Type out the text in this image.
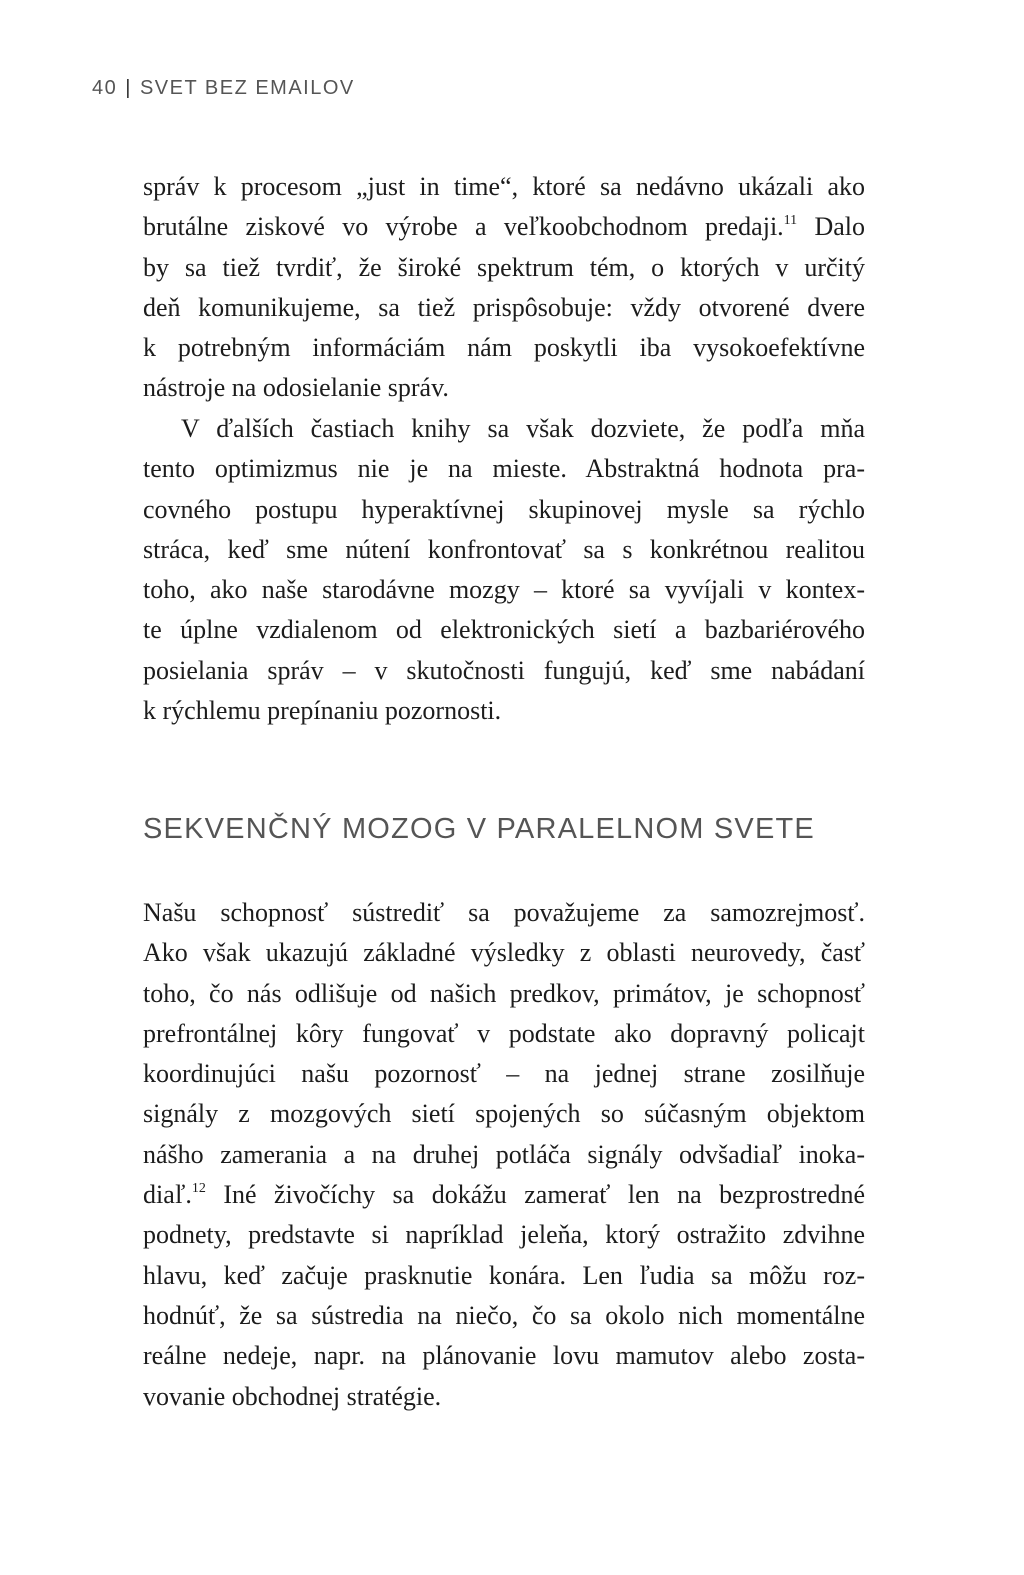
40 | SVET BEZ EMAILOV
správ k procesom „just in time“, ktoré sa nedávno ukázali ako
brutálne ziskové vo výrobe a veľkoobchodnom predaji.$^{11}$ Dalo
by sa tiež tvrdiť, že široké spektrum tém, o ktorých v určitý
deň komunikujeme, sa tiež prispôsobuje: vždy otvorené dvere
k potrebným informáciám nám poskytli iba vysokoefektívne
nástroje na odosielanie správ.
V ďalších častiach knihy sa však dozviete, že podľa mňa
tento optimizmus nie je na mieste. Abstraktná hodnota pra-
covného postupu hyperaktívnej skupinovej mysle sa rýchlo
stráca, keď sme nútení konfrontovať sa s konkrétnou realitou
toho, ako naše starodávne mozgy – ktoré sa vyvíjali v kontex-
te úplne vzdialenom od elektronických sietí a bazbariérového
posielania správ – v skutočnosti fungujú, keď sme nabádaní
k rýchlemu prepínaniu pozornosti.
SEKVENČNÝ MOZOG V PARALELNOM SVETE
Našu schopnosť sústrediť sa považujeme za samozrejmosť.
Ako však ukazujú základné výsledky z oblasti neurovedy, časť
toho, čo nás odlišuje od našich predkov, primátov, je schopnosť
prefrontálnej kôry fungovať v podstate ako dopravný policajt
koordinujúci našu pozornosť – na jednej strane zosilňuje
signály z mozgových sietí spojených so súčasným objektom
nášho zamerania a na druhej potláča signály odvšadiaľ inoka-
diaľ.$^{12}$ Iné živočíchy sa dokážu zamerať len na bezprostredné
podnety, predstavte si napríklad jeleňa, ktorý ostražito zdvihne
hlavu, keď začuje prasknutie konára. Len ľudia sa môžu roz-
hodnúť, že sa sústredia na niečo, čo sa okolo nich momentálne
reálne nedeje, napr. na plánovanie lovu mamutov alebo zosta-
vovanie obchodnej stratégie.
